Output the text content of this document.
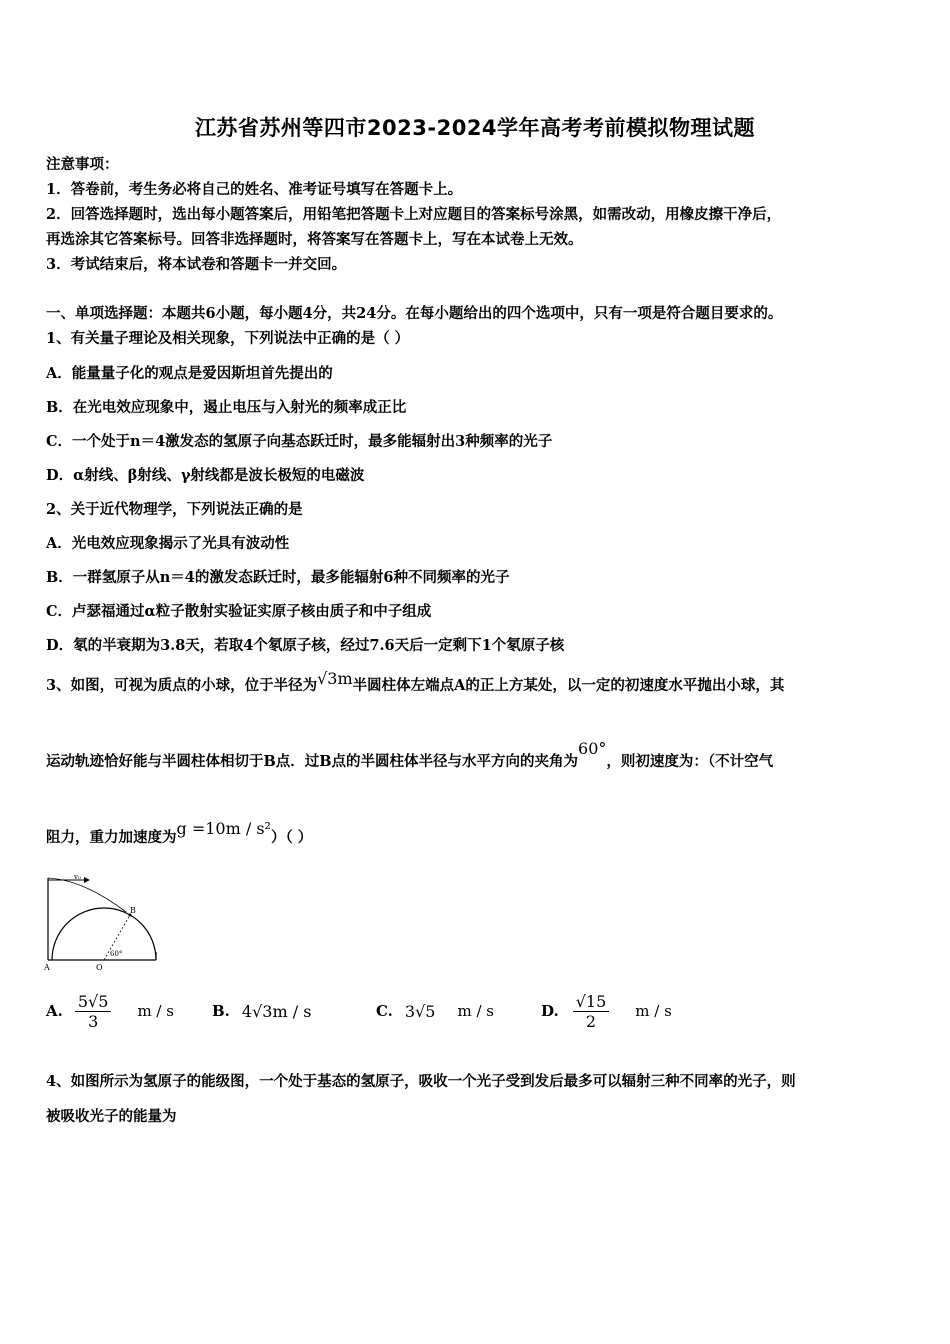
江苏省苏州等四市2023-2024学年高考考前模拟物理试题
注意事项：
1．答卷前，考生务必将自己的姓名、准考证号填写在答题卡上。
2．回答选择题时，选出每小题答案后，用铅笔把答题卡上对应题目的答案标号涂黑，如需改动，用橡皮擦干净后，
再选涂其它答案标号。回答非选择题时，将答案写在答题卡上，写在本试卷上无效。
3．考试结束后，将本试卷和答题卡一并交回。
一、单项选择题：本题共6小题，每小题4分，共24分。在每小题给出的四个选项中，只有一项是符合题目要求的。
1、有关量子理论及相关现象，下列说法中正确的是（ ）
A．能量量子化的观点是爱因斯坦首先提出的
B．在光电效应现象中，遏止电压与入射光的频率成正比
C．一个处于n＝4激发态的氢原子向基态跃迁时，最多能辐射出3种频率的光子
D．α射线、β射线、γ射线都是波长极短的电磁波
2、关于近代物理学，下列说法正确的是
A．光电效应现象揭示了光具有波动性
B．一群氢原子从n＝4的激发态跃迁时，最多能辐射6种不同频率的光子
C．卢瑟福通过α粒子散射实验证实原子核由质子和中子组成
D．氡的半衰期为3.8天，若取4个氡原子核，经过7.6天后一定剩下1个氡原子核
3、如图，可视为质点的小球，位于半径为√3m半圆柱体左端点A的正上方某处，以一定的初速度水平抛出小球，其
运动轨迹恰好能与半圆柱体相切于B点．过B点的半圆柱体半径与水平方向的夹角为60°，则初速度为：（不计空气
阻力，重力加速度为g =10m / s²）（ ）
v₀
B
A	O
60°
A. $\frac{5√5}{3}$ m / s	B. 4√3m / s	C. 3√5 m / s	D. $\frac{√15}{2}$ m / s
4、如图所示为氢原子的能级图，一个处于基态的氢原子，吸收一个光子受到发后最多可以辐射三种不同率的光子，则
被吸收光子的能量为
